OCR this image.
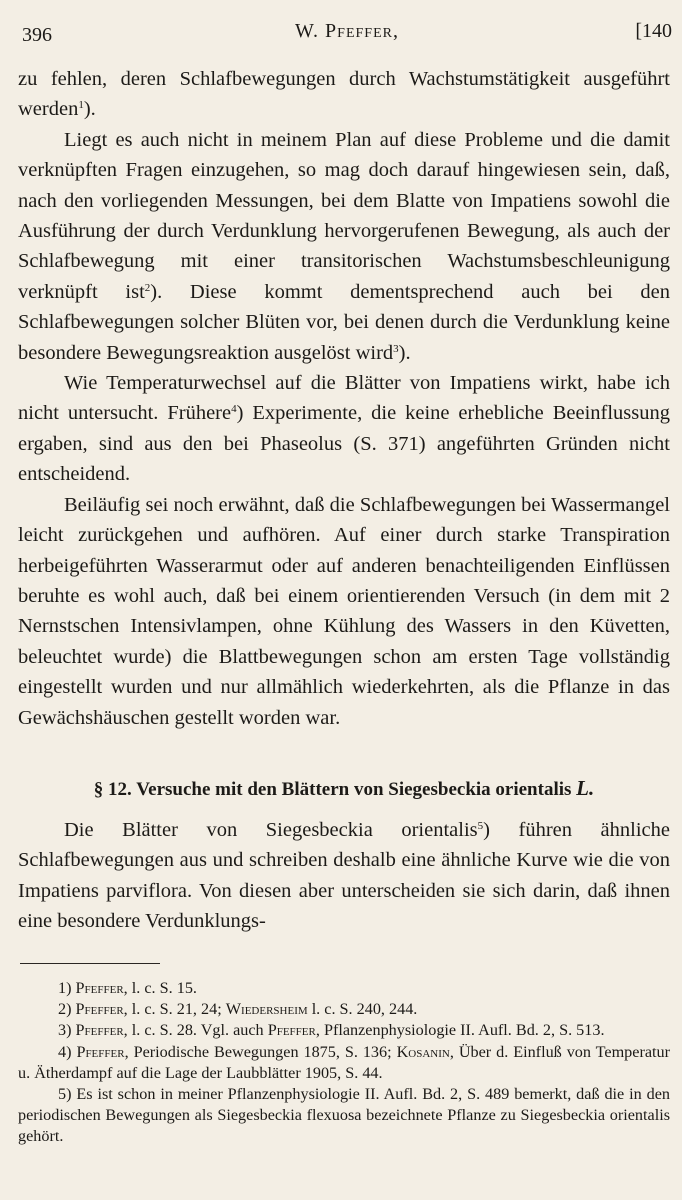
396	W. Pfeffer,	[140

zu fehlen, deren Schlafbewegungen durch Wachstumstätigkeit ausgeführt werden$^1$).

Liegt es auch nicht in meinem Plan auf diese Probleme und die damit verknüpften Fragen einzugehen, so mag doch darauf hingewiesen sein, daß, nach den vorliegenden Messungen, bei dem Blatte von Impatiens sowohl die Ausführung der durch Verdunklung hervorgerufenen Bewegung, als auch der Schlafbewegung mit einer transitorischen Wachstumsbeschleunigung verknüpft ist$^2$). Diese kommt dementsprechend auch bei den Schlafbewegungen solcher Blüten vor, bei denen durch die Verdunklung keine besondere Bewegungsreaktion ausgelöst wird$^3$).

Wie Temperaturwechsel auf die Blätter von Impatiens wirkt, habe ich nicht untersucht. Frühere$^4$) Experimente, die keine erhebliche Beeinflussung ergaben, sind aus den bei Phaseolus (S. 371) angeführten Gründen nicht entscheidend.

Beiläufig sei noch erwähnt, daß die Schlafbewegungen bei Wassermangel leicht zurückgehen und aufhören. Auf einer durch starke Transpiration herbeigeführten Wasserarmut oder auf anderen benachteiligenden Einflüssen beruhte es wohl auch, daß bei einem orientierenden Versuch (in dem mit 2 Nernstschen Intensivlampen, ohne Kühlung des Wassers in den Küvetten, beleuchtet wurde) die Blattbewegungen schon am ersten Tage vollständig eingestellt wurden und nur allmählich wiederkehrten, als die Pflanze in das Gewächshäuschen gestellt worden war.

§ 12. Versuche mit den Blättern von Siegesbeckia orientalis L.

Die Blätter von Siegesbeckia orientalis$^5$) führen ähnliche Schlafbewegungen aus und schreiben deshalb eine ähnliche Kurve wie die von Impatiens parviflora. Von diesen aber unterscheiden sie sich darin, daß ihnen eine besondere Verdunklungs-

1) Pfeffer, l. c. S. 15.

2) Pfeffer, l. c. S. 21, 24; Wiedersheim l. c. S. 240, 244.

3) Pfeffer, l. c. S. 28. Vgl. auch Pfeffer, Pflanzenphysiologie II. Aufl. Bd. 2, S. 513.

4) Pfeffer, Periodische Bewegungen 1875, S. 136; Kosanin, Über d. Einfluß von Temperatur u. Ätherdampf auf die Lage der Laubblätter 1905, S. 44.

5) Es ist schon in meiner Pflanzenphysiologie II. Aufl. Bd. 2, S. 489 bemerkt, daß die in den periodischen Bewegungen als Siegesbeckia flexuosa bezeichnete Pflanze zu Siegesbeckia orientalis gehört.
